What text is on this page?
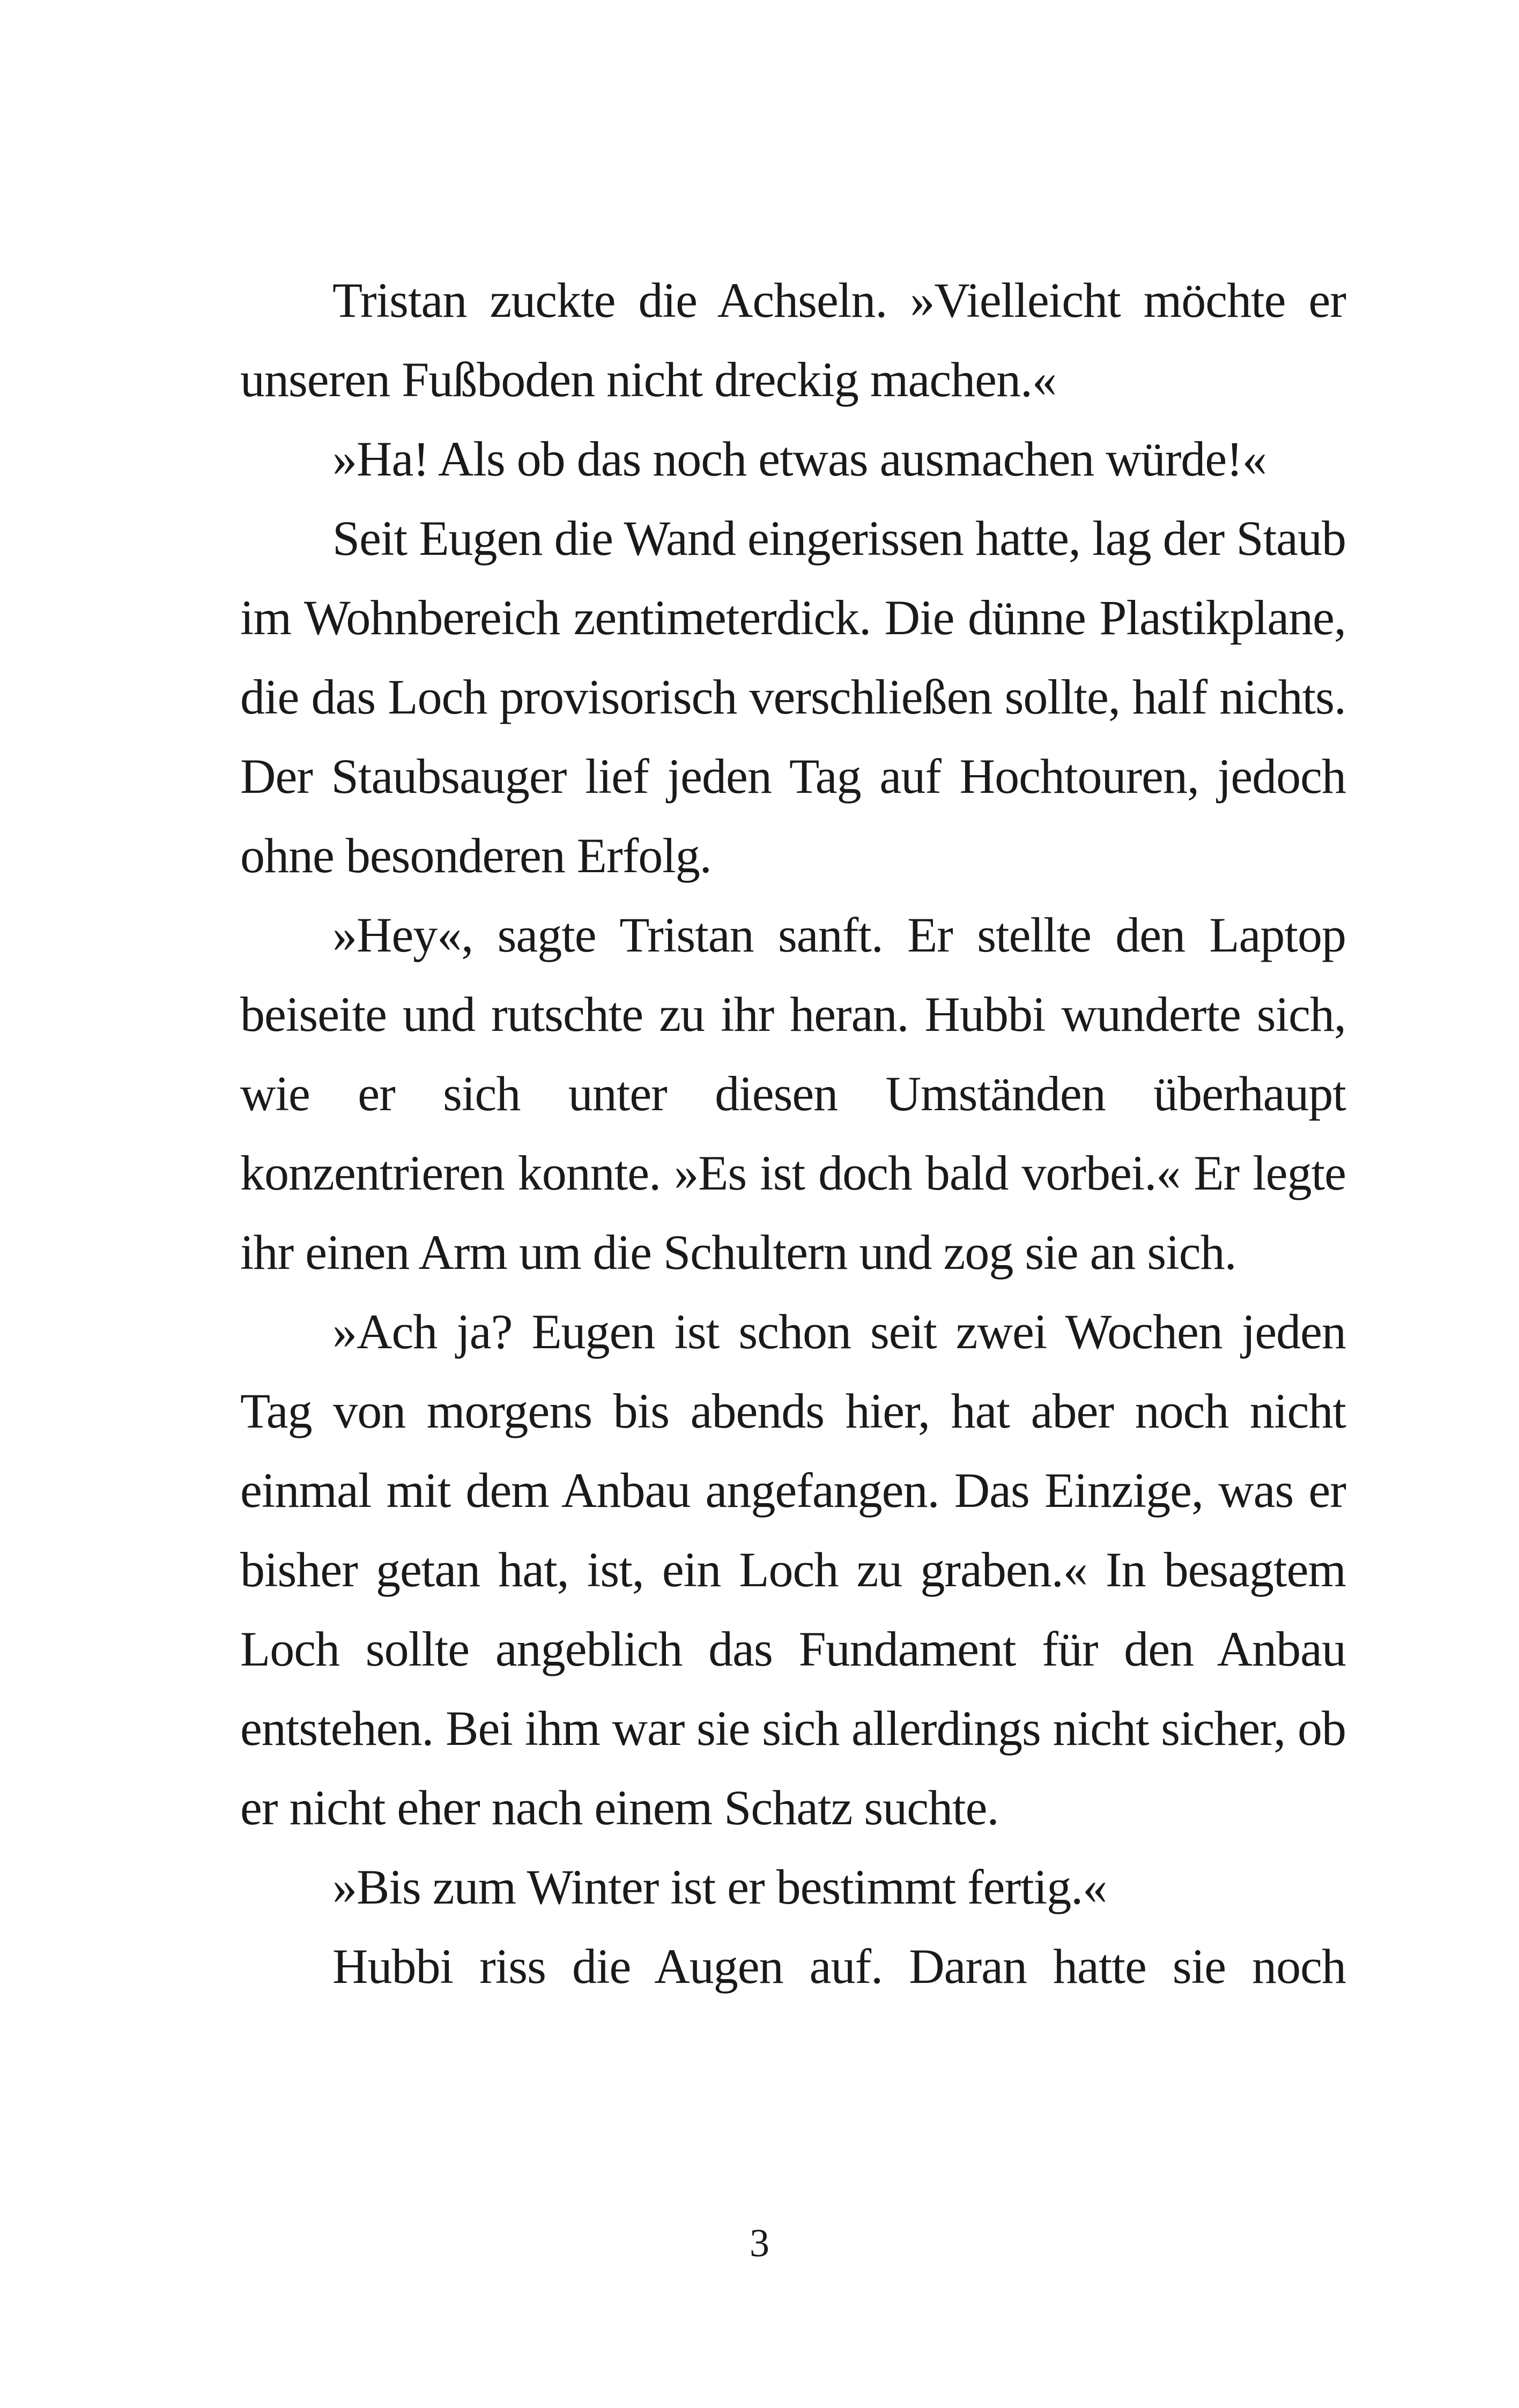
Tristan zuckte die Achseln. »Vielleicht möchte er unseren Fußboden nicht dreckig machen.«

»Ha! Als ob das noch etwas ausmachen würde!«

Seit Eugen die Wand eingerissen hatte, lag der Staub im Wohnbereich zentimeterdick. Die dünne Plastikplane, die das Loch provisorisch verschließen sollte, half nichts. Der Staubsauger lief jeden Tag auf Hochtouren, jedoch ohne besonderen Erfolg.

»Hey«, sagte Tristan sanft. Er stellte den Laptop beiseite und rutschte zu ihr heran. Hubbi wunderte sich, wie er sich unter diesen Umständen überhaupt konzentrieren konnte. »Es ist doch bald vorbei.« Er legte ihr einen Arm um die Schultern und zog sie an sich.

»Ach ja? Eugen ist schon seit zwei Wochen jeden Tag von morgens bis abends hier, hat aber noch nicht einmal mit dem Anbau angefangen. Das Einzige, was er bisher getan hat, ist, ein Loch zu graben.« In besagtem Loch sollte angeblich das Fundament für den Anbau entstehen. Bei ihm war sie sich allerdings nicht sicher, ob er nicht eher nach einem Schatz suchte.

»Bis zum Winter ist er bestimmt fertig.«

Hubbi riss die Augen auf. Daran hatte sie noch

3
